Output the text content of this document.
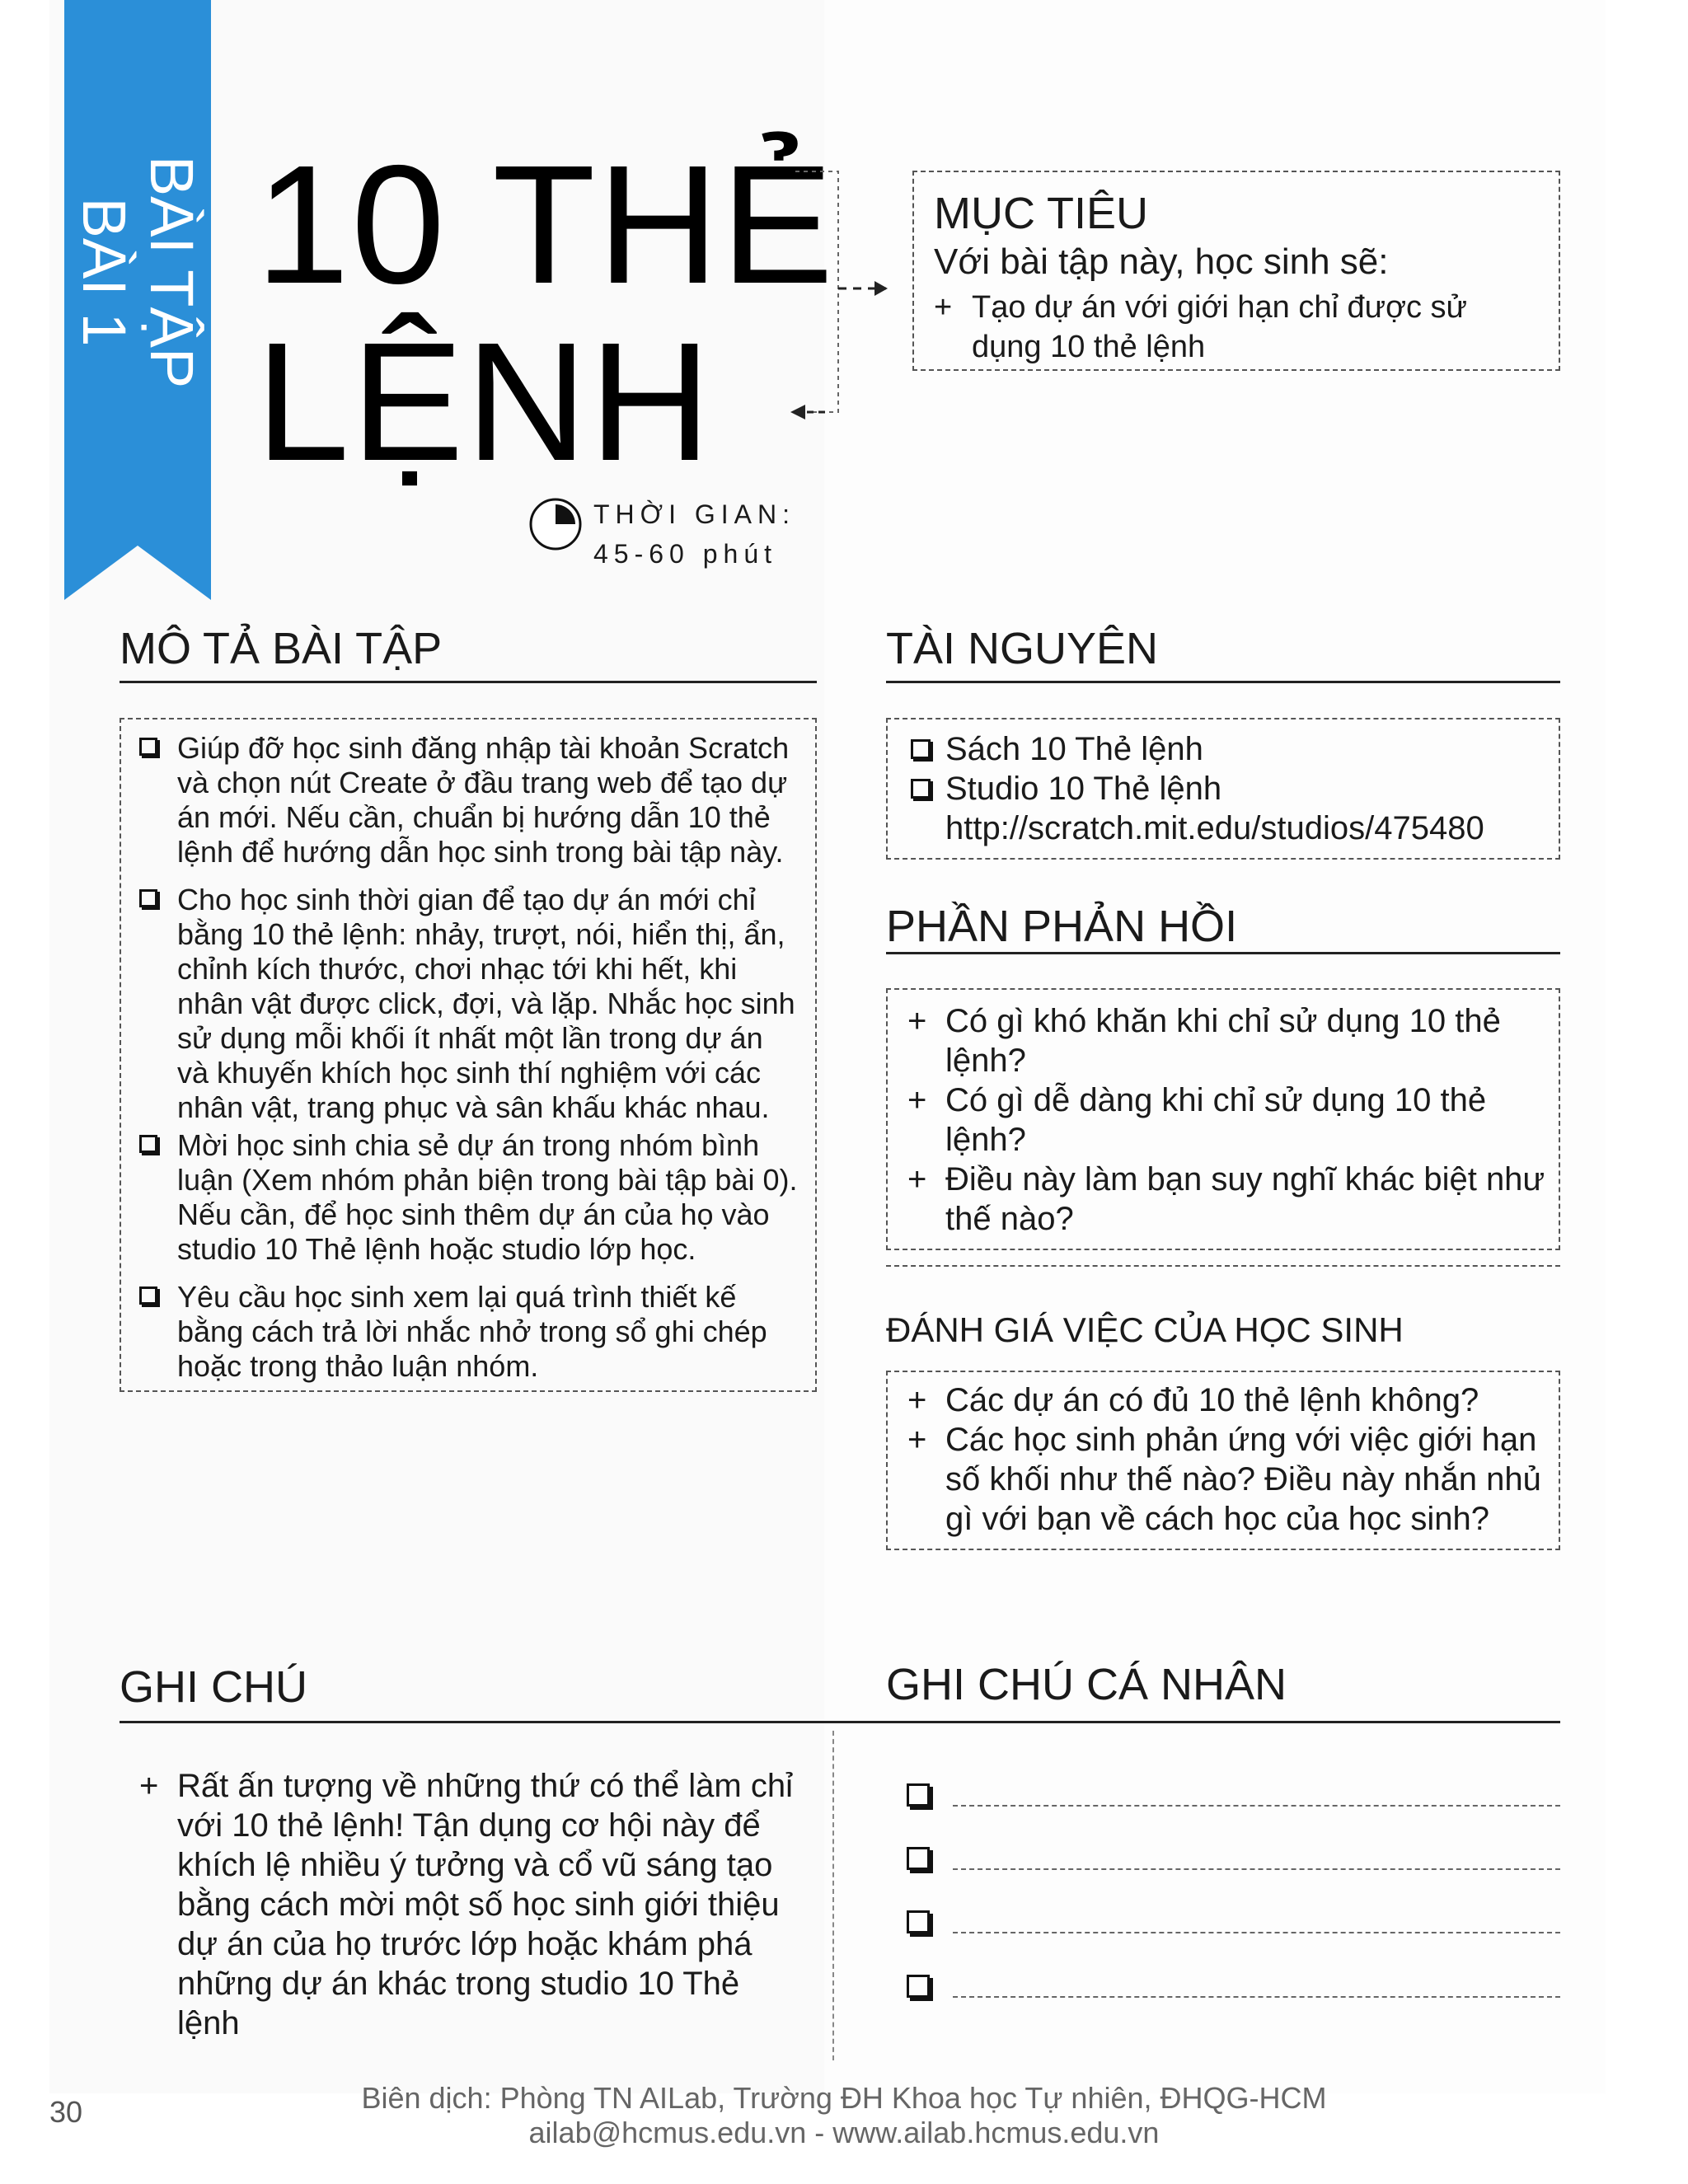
BÀI TẬP
BÀI 1 10 THẺ
LỆNH
MỤC TIÊU
Với bài tập này, học sinh sẽ:
+ Tạo dự án với giới hạn chỉ được sử dụng 10 thẻ lệnh
THỜI GIAN:
45-60 phút
MÔ TẢ BÀI TẬP
Giúp đỡ học sinh đăng nhập tài khoản Scratch và chọn nút Create ở đầu trang web để tạo dự án mới. Nếu cần, chuẩn bị hướng dẫn 10 thẻ lệnh để hướng dẫn học sinh trong bài tập này.
Cho học sinh thời gian để tạo dự án mới chỉ bằng 10 thẻ lệnh: nhảy, trượt, nói, hiển thị, ẩn, chỉnh kích thước, chơi nhạc tới khi hết, khi nhân vật được click, đợi, và lặp. Nhắc học sinh sử dụng mỗi khối ít nhất một lần trong dự án và khuyến khích học sinh thí nghiệm với các nhân vật, trang phục và sân khấu khác nhau.
Mời học sinh chia sẻ dự án trong nhóm bình luận (Xem nhóm phản biện trong bài tập bài 0). Nếu cần, để học sinh thêm dự án của họ vào studio 10 Thẻ lệnh hoặc studio lớp học.
Yêu cầu học sinh xem lại quá trình thiết kế bằng cách trả lời nhắc nhở trong sổ ghi chép hoặc trong thảo luận nhóm.
TÀI NGUYÊN
Sách 10 Thẻ lệnh
Studio 10 Thẻ lệnh
http://scratch.mit.edu/studios/475480
PHẦN PHẢN HỒI
+ Có gì khó khăn khi chỉ sử dụng 10 thẻ lệnh?
+ Có gì dễ dàng khi chỉ sử dụng 10 thẻ lệnh?
+ Điều này làm bạn suy nghĩ khác biệt như thế nào?
ĐÁNH GIÁ VIỆC CỦA HỌC SINH
+ Các dự án có đủ 10 thẻ lệnh không?
+ Các học sinh phản ứng với việc giới hạn số khối như thế nào? Điều này nhắn nhủ gì với bạn về cách học của học sinh?
GHI CHÚ
+ Rất ấn tượng về những thứ có thể làm chỉ với 10 thẻ lệnh! Tận dụng cơ hội này để khích lệ nhiều ý tưởng và cổ vũ sáng tạo bằng cách mời một số học sinh giới thiệu dự án của họ trước lớp hoặc khám phá những dự án khác trong studio 10 Thẻ lệnh
GHI CHÚ CÁ NHÂN
30	Biên dịch: Phòng TN AILab, Trường ĐH Khoa học Tự nhiên, ĐHQG-HCM
ailab@hcmus.edu.vn - www.ailab.hcmus.edu.vn
